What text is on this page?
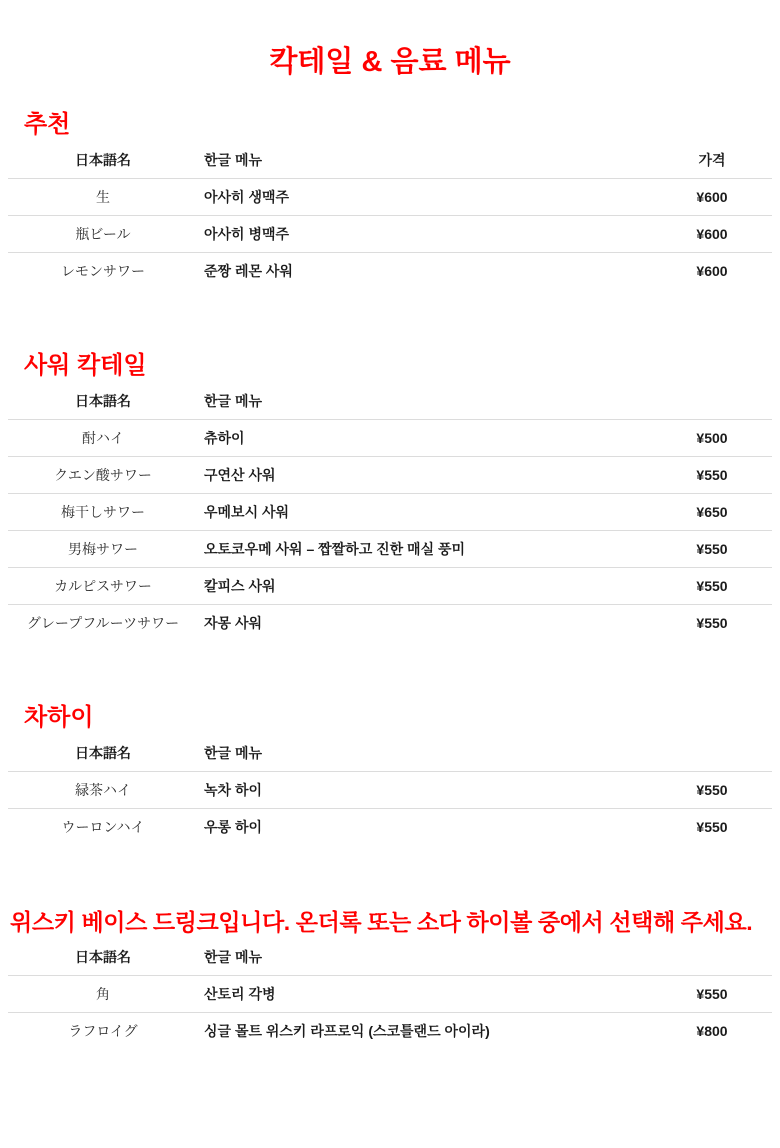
칵테일 & 음료 메뉴
추천
日本語名	한글 메뉴	가격
生	아사히 생맥주	¥600
瓶ビール	아사히 병맥주	¥600
レモンサワー	준짱 레몬 사워	¥600
사워 칵테일
日本語名	한글 메뉴	
酎ハイ	츄하이	¥500
クエン酸サワー	구연산 사워	¥550
梅干しサワー	우메보시 사워	¥650
男梅サワー	오토코우메 사워 – 짭짤하고 진한 매실 풍미	¥550
カルピスサワー	칼피스 사워	¥550
グレープフルーツサワー	자몽 사워	¥550
차하이
日本語名	한글 메뉴	
緑茶ハイ	녹차 하이	¥550
ウーロンハイ	우롱 하이	¥550
위스키 베이스 드링크입니다. 온더록 또는 소다 하이볼 중에서 선택해 주세요.
日本語名	한글 메뉴	
角	산토리 각병	¥550
ラフロイグ	싱글 몰트 위스키 라프로익 (스코틀랜드 아이라)	¥800
